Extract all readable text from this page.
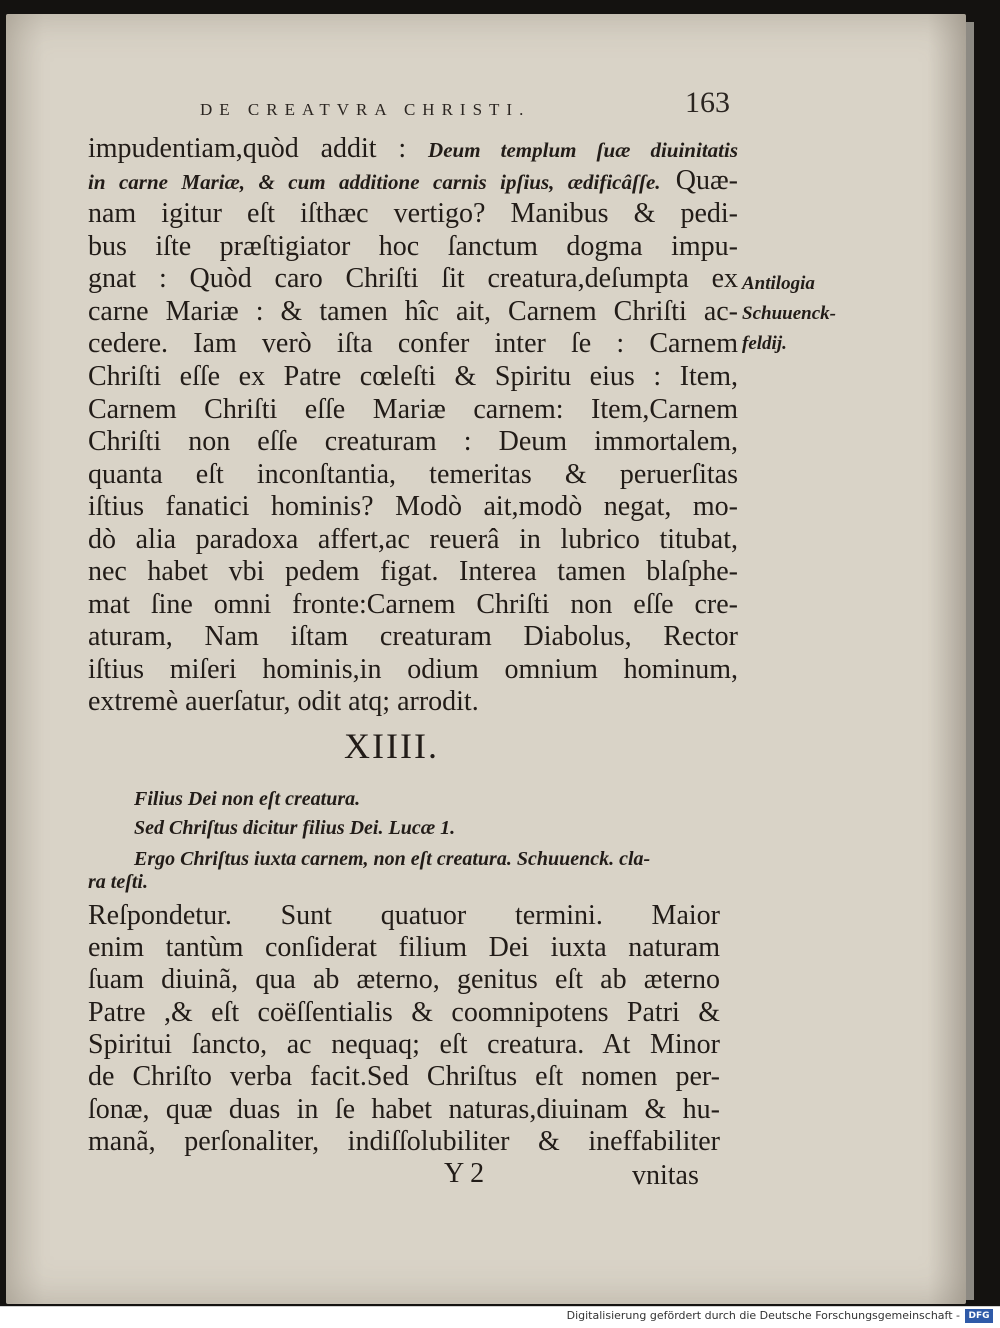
DE CREATVRA CHRISTI.	163
impudentiam,quòd addit : Deum templum ſuæ diuinitatis
in carne Mariæ, & cum additione carnis ipſius, ædificâſſe. Quæ-
nam igitur eſt iſthæc vertigo? Manibus & pedi-
bus iſte præſtigiator hoc ſanctum dogma impu-
gnat : Quòd caro Chriſti ſit creatura,deſumpta ex
carne Mariæ : & tamen hîc ait, Carnem Chriſti ac-
cedere. Iam verò iſta confer inter ſe : Carnem
Chriſti eſſe ex Patre cœleſti & Spiritu eius : Item,
Carnem Chriſti eſſe Mariæ carnem: Item,Carnem
Chriſti non eſſe creaturam : Deum immortalem,
quanta eſt inconſtantia, temeritas & peruerſitas
iſtius fanatici hominis? Modò ait,modò negat, mo-
dò alia paradoxa affert,ac reuerâ in lubrico titubat,
nec habet vbi pedem figat. Interea tamen blaſphe-
mat ſine omni fronte:Carnem Chriſti non eſſe cre-
aturam, Nam iſtam creaturam Diabolus, Rector
iſtius miſeri hominis,in odium omnium hominum,
extremè auerſatur, odit atq; arrodit.
Antilogia
Schuuenck-
feldij.
XIIII.
Filius Dei non eſt creatura.
Sed Chriſtus dicitur filius Dei. Lucæ 1.
Ergo Chriſtus iuxta carnem, non eſt creatura. Schuuenck. cla-
ra teſti.
Reſpondetur. Sunt quatuor termini. Maior
enim tantùm conſiderat filium Dei iuxta naturam
ſuam diuinã, qua ab æterno, genitus eſt ab æterno
Patre ,& eſt coëſſentialis & coomnipotens Patri &
Spiritui ſancto, ac nequaq; eſt creatura. At Minor
de Chriſto verba facit.Sed Chriſtus eſt nomen per-
ſonæ, quæ duas in ſe habet naturas,diuinam & hu-
manã, perſonaliter, indiſſolubiliter & ineffabiliter
Y 2	vnitas
Digitalisierung gefördert durch die Deutsche Forschungsgemeinschaft - DFG
